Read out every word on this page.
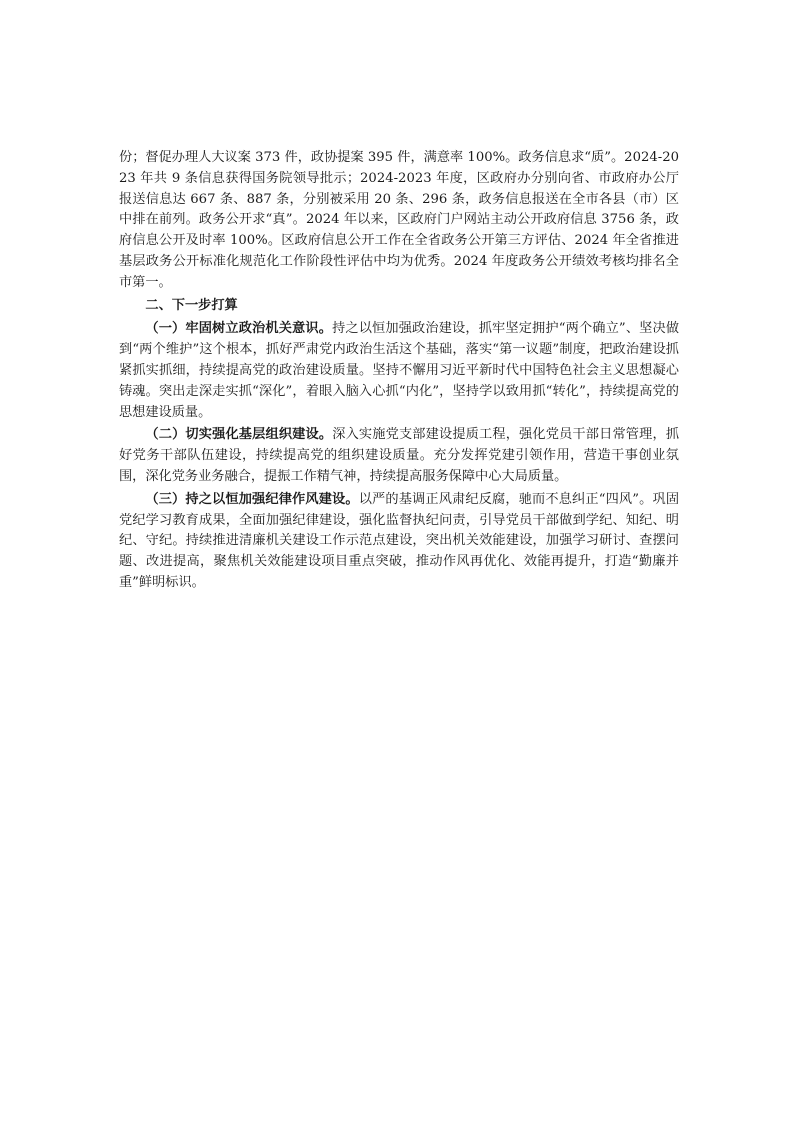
份；督促办理人大议案 373 件，政协提案 395 件，满意率 100%。政务信息求“质”。2024-2023 年共 9 条信息获得国务院领导批示；2024-2023 年度，区政府办分别向省、市政府办公厅报送信息达 667 条、887 条，分别被采用 20 条、296 条，政务信息报送在全市各县（市）区中排在前列。政务公开求“真”。2024 年以来，区政府门户网站主动公开政府信息 3756 条，政府信息公开及时率 100%。区政府信息公开工作在全省政务公开第三方评估、2024 年全省推进基层政务公开标准化规范化工作阶段性评估中均为优秀。2024 年度政务公开绩效考核均排名全市第一。

二、下一步打算

（一）牢固树立政治机关意识。持之以恒加强政治建设，抓牢坚定拥护“两个确立”、坚决做到“两个维护”这个根本，抓好严肃党内政治生活这个基础，落实“第一议题”制度，把政治建设抓紧抓实抓细，持续提高党的政治建设质量。坚持不懈用习近平新时代中国特色社会主义思想凝心铸魂。突出走深走实抓“深化”，着眼入脑入心抓“内化”，坚持学以致用抓“转化”，持续提高党的思想建设质量。

（二）切实强化基层组织建设。深入实施党支部建设提质工程，强化党员干部日常管理，抓好党务干部队伍建设，持续提高党的组织建设质量。充分发挥党建引领作用，营造干事创业氛围，深化党务业务融合，提振工作精气神，持续提高服务保障中心大局质量。

（三）持之以恒加强纪律作风建设。以严的基调正风肃纪反腐，驰而不息纠正“四风”。巩固党纪学习教育成果，全面加强纪律建设，强化监督执纪问责，引导党员干部做到学纪、知纪、明纪、守纪。持续推进清廉机关建设工作示范点建设，突出机关效能建设，加强学习研讨、查摆问题、改进提高，聚焦机关效能建设项目重点突破，推动作风再优化、效能再提升，打造“勤廉并重”鲜明标识。
